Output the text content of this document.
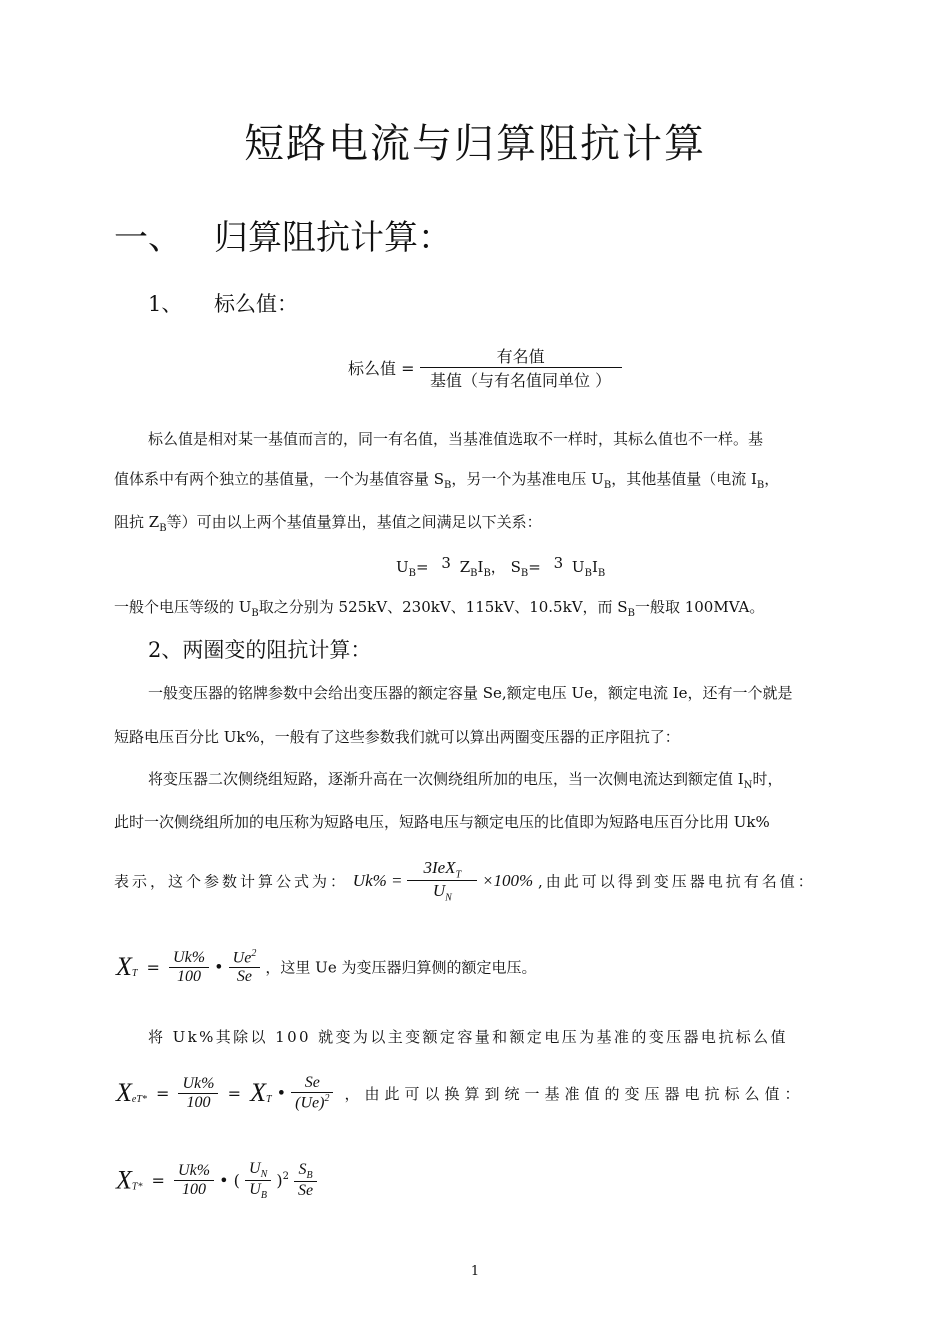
短路电流与归算阻抗计算
一、 归算阻抗计算：
1、 标么值：
标么值 = $\frac{\text{有名值}}{\text{基值（与有名值同单位 ）}}$
标么值是相对某一基值而言的，同一有名值，当基准值选取不一样时，其标么值也不一样。基
值体系中有两个独立的基值量，一个为基值容量 $S_B$，另一个为基准电压 $U_B$，其他基值量（电流 $I_B$，
阻抗 $Z_B$等）可由以上两个基值量算出，基值之间满足以下关系：
$U_B= 3$ $Z_BI_B$， $S_B= 3$ $U_BI_B$
一般个电压等级的 $U_B$取之分别为 525kV、230kV、115kV、10.5kV，而 $S_B$一般取 100MVA。
2、两圈变的阻抗计算：
一般变压器的铭牌参数中会给出变压器的额定容量 Se,额定电压 Ue，额定电流 Ie，还有一个就是
短路电压百分比 Uk%，一般有了这些参数我们就可以算出两圈变压器的正序阻抗了：
将变压器二次侧绕组短路，逐渐升高在一次侧绕组所加的电压，当一次侧电流达到额定值 $I_N$时，
此时一次侧绕组所加的电压称为短路电压，短路电压与额定电压的比值即为短路电压百分比用 Uk%
表示，这个参数计算公式为： $Uk\% = \frac{3IeX_T}{U_N} \times 100\%$ ,由此可以得到变压器电抗有名值：
$X_T = \frac{Uk\%}{100}$ • $\frac{Ue^2}{Se}$ ，这里 Ue 为变压器归算侧的额定电压。
将 Uk%其除以 100 就变为以主变额定容量和额定电压为基准的变压器电抗标么值
$X_{eT*} = \frac{Uk\%}{100} = X_T$ • $\frac{Se}{(Ue)^2}$ ，由此可以换算到统一基准值的变压器电抗标么值：
$X_{T*} = \frac{Uk\%}{100}$ • ( $\frac{U_N}{U_B} )^2 \frac{S_B}{Se}$
1
